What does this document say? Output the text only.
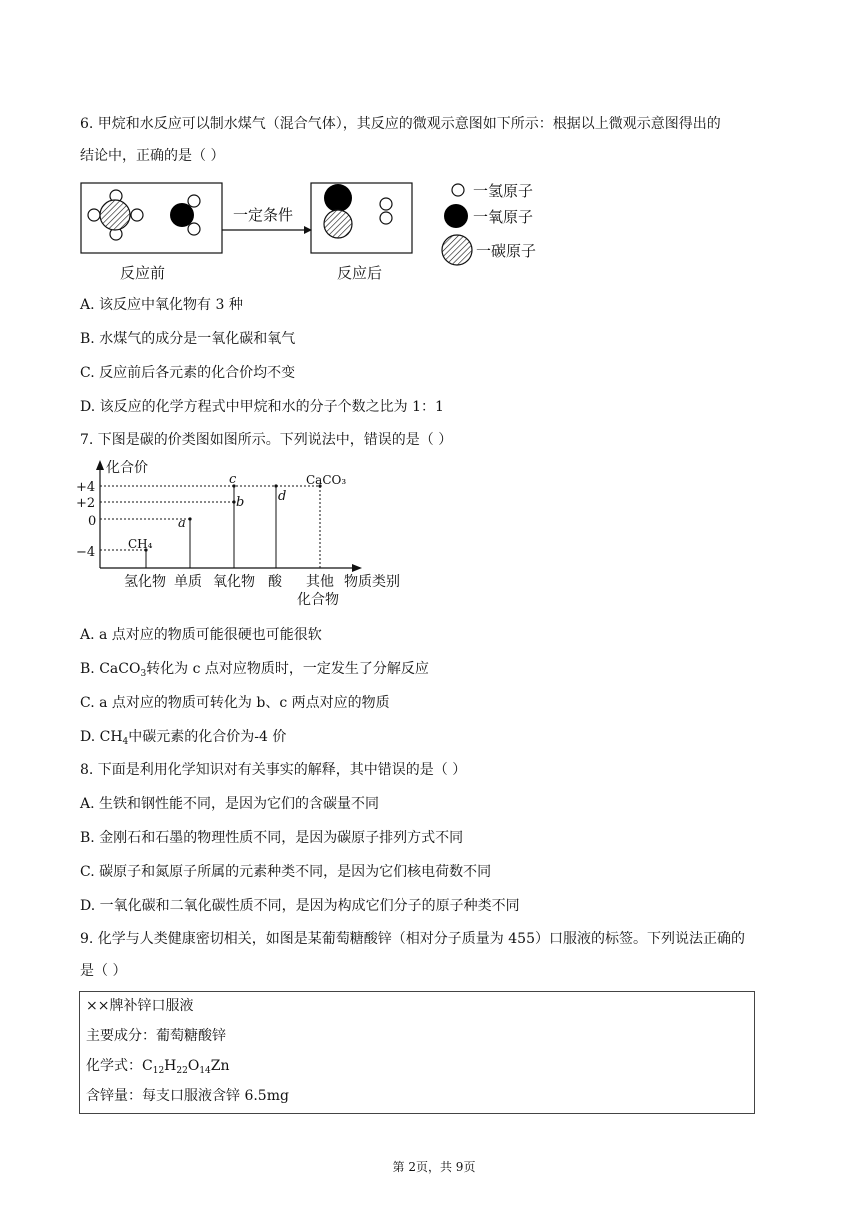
6. 甲烷和水反应可以制水煤气（混合气体），其反应的微观示意图如下所示：根据以上微观示意图得出的
结论中，正确的是（ ）
一定条件
反应前	反应后
一氢原子
一氧原子
一碳原子
A. 该反应中氧化物有 3 种
B. 水煤气的成分是一氧化碳和氧气
C. 反应前后各元素的化合价均不变
D. 该反应的化学方程式中甲烷和水的分子个数之比为 1：1
7. 下图是碳的价类图如图所示。下列说法中，错误的是（ ）
化合价
+4
+2
0
−4
CH₄
a
b
c
d
CaCO₃
氢化物 单质 氧化物 酸 其他 物质类别
化合物
A. a 点对应的物质可能很硬也可能很软
B. CaCO$_3$转化为 c 点对应物质时，一定发生了分解反应
C. a 点对应的物质可转化为 b、c 两点对应的物质
D. $CH_4$中碳元素的化合价为-4 价
8. 下面是利用化学知识对有关事实的解释，其中错误的是（ ）
A. 生铁和钢性能不同，是因为它们的含碳量不同
B. 金刚石和石墨的物理性质不同，是因为碳原子排列方式不同
C. 碳原子和氮原子所属的元素种类不同，是因为它们核电荷数不同
D. 一氧化碳和二氧化碳性质不同，是因为构成它们分子的原子种类不同
9. 化学与人类健康密切相关，如图是某葡萄糖酸锌（相对分子质量为 455）口服液的标签。下列说法正确的
是（ ）
××牌补锌口服液
主要成分：葡萄糖酸锌
化学式：$C_{12}H_{22}O_{14}Zn$
含锌量：每支口服液含锌 6.5mg
第 2页，共 9页
